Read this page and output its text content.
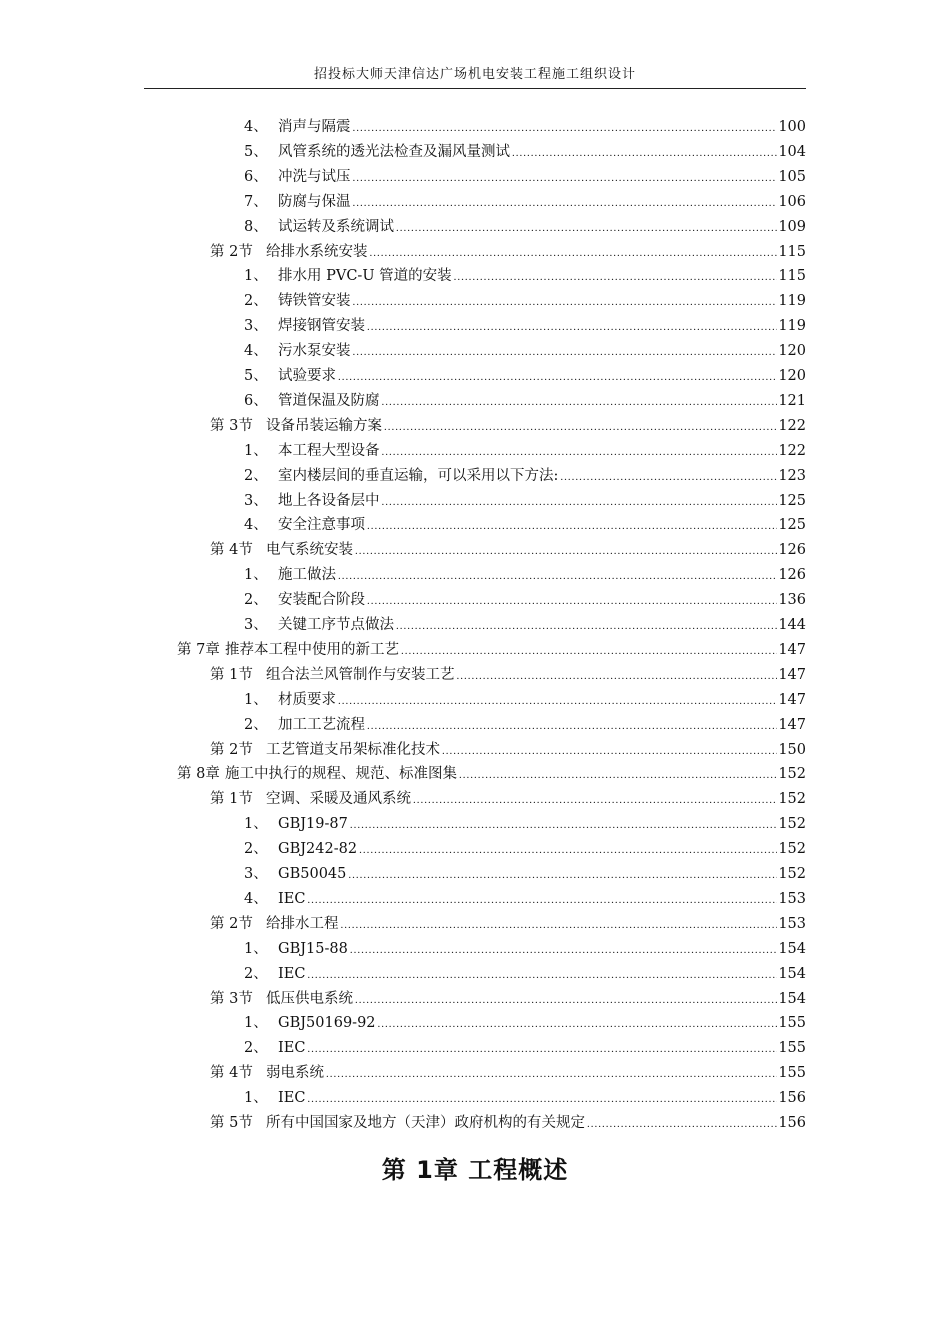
招投标大师天津信达广场机电安装工程施工组织设计
4、 消声与隔震 .....	100
5、 风管系统的透光法检查及漏风量测试 .....	104
6、 冲洗与试压 .....	105
7、 防腐与保温 .....	106
8、 试运转及系统调试 .....	109
第 2节 给排水系统安装 .....	115
1、 排水用 PVC-U 管道的安装 .....	115
2、 铸铁管安装 .....	119
3、 焊接钢管安装 .....	119
4、 污水泵安装 .....	120
5、 试验要求 .....	120
6、 管道保温及防腐 .....	121
第 3节 设备吊装运输方案 .....	122
1、 本工程大型设备 .....	122
2、 室内楼层间的垂直运输，可以采用以下方法: .....	123
3、 地上各设备层中 .....	125
4、 安全注意事项 .....	125
第 4节 电气系统安装 .....	126
1、 施工做法 .....	126
2、 安装配合阶段 .....	136
3、 关键工序节点做法 .....	144
第 7章 推荐本工程中使用的新工艺 .....	147
第 1节 组合法兰风管制作与安装工艺 .....	147
1、 材质要求 .....	147
2、 加工工艺流程 .....	147
第 2节 工艺管道支吊架标准化技术 .....	150
第 8章 施工中执行的规程、规范、标准图集 .....	152
第 1节 空调、采暖及通风系统 .....	152
1、 GBJ19-87 .....	152
2、 GBJ242-82 .....	152
3、 GB50045 .....	152
4、 IEC .....	153
第 2节 给排水工程 .....	153
1、 GBJ15-88 .....	154
2、 IEC .....	154
第 3节 低压供电系统 .....	154
1、 GBJ50169-92 .....	155
2、 IEC .....	155
第 4节 弱电系统 .....	155
1、 IEC .....	156
第 5节 所有中国国家及地方（天津）政府机构的有关规定 .....	156
第 1章 工程概述
